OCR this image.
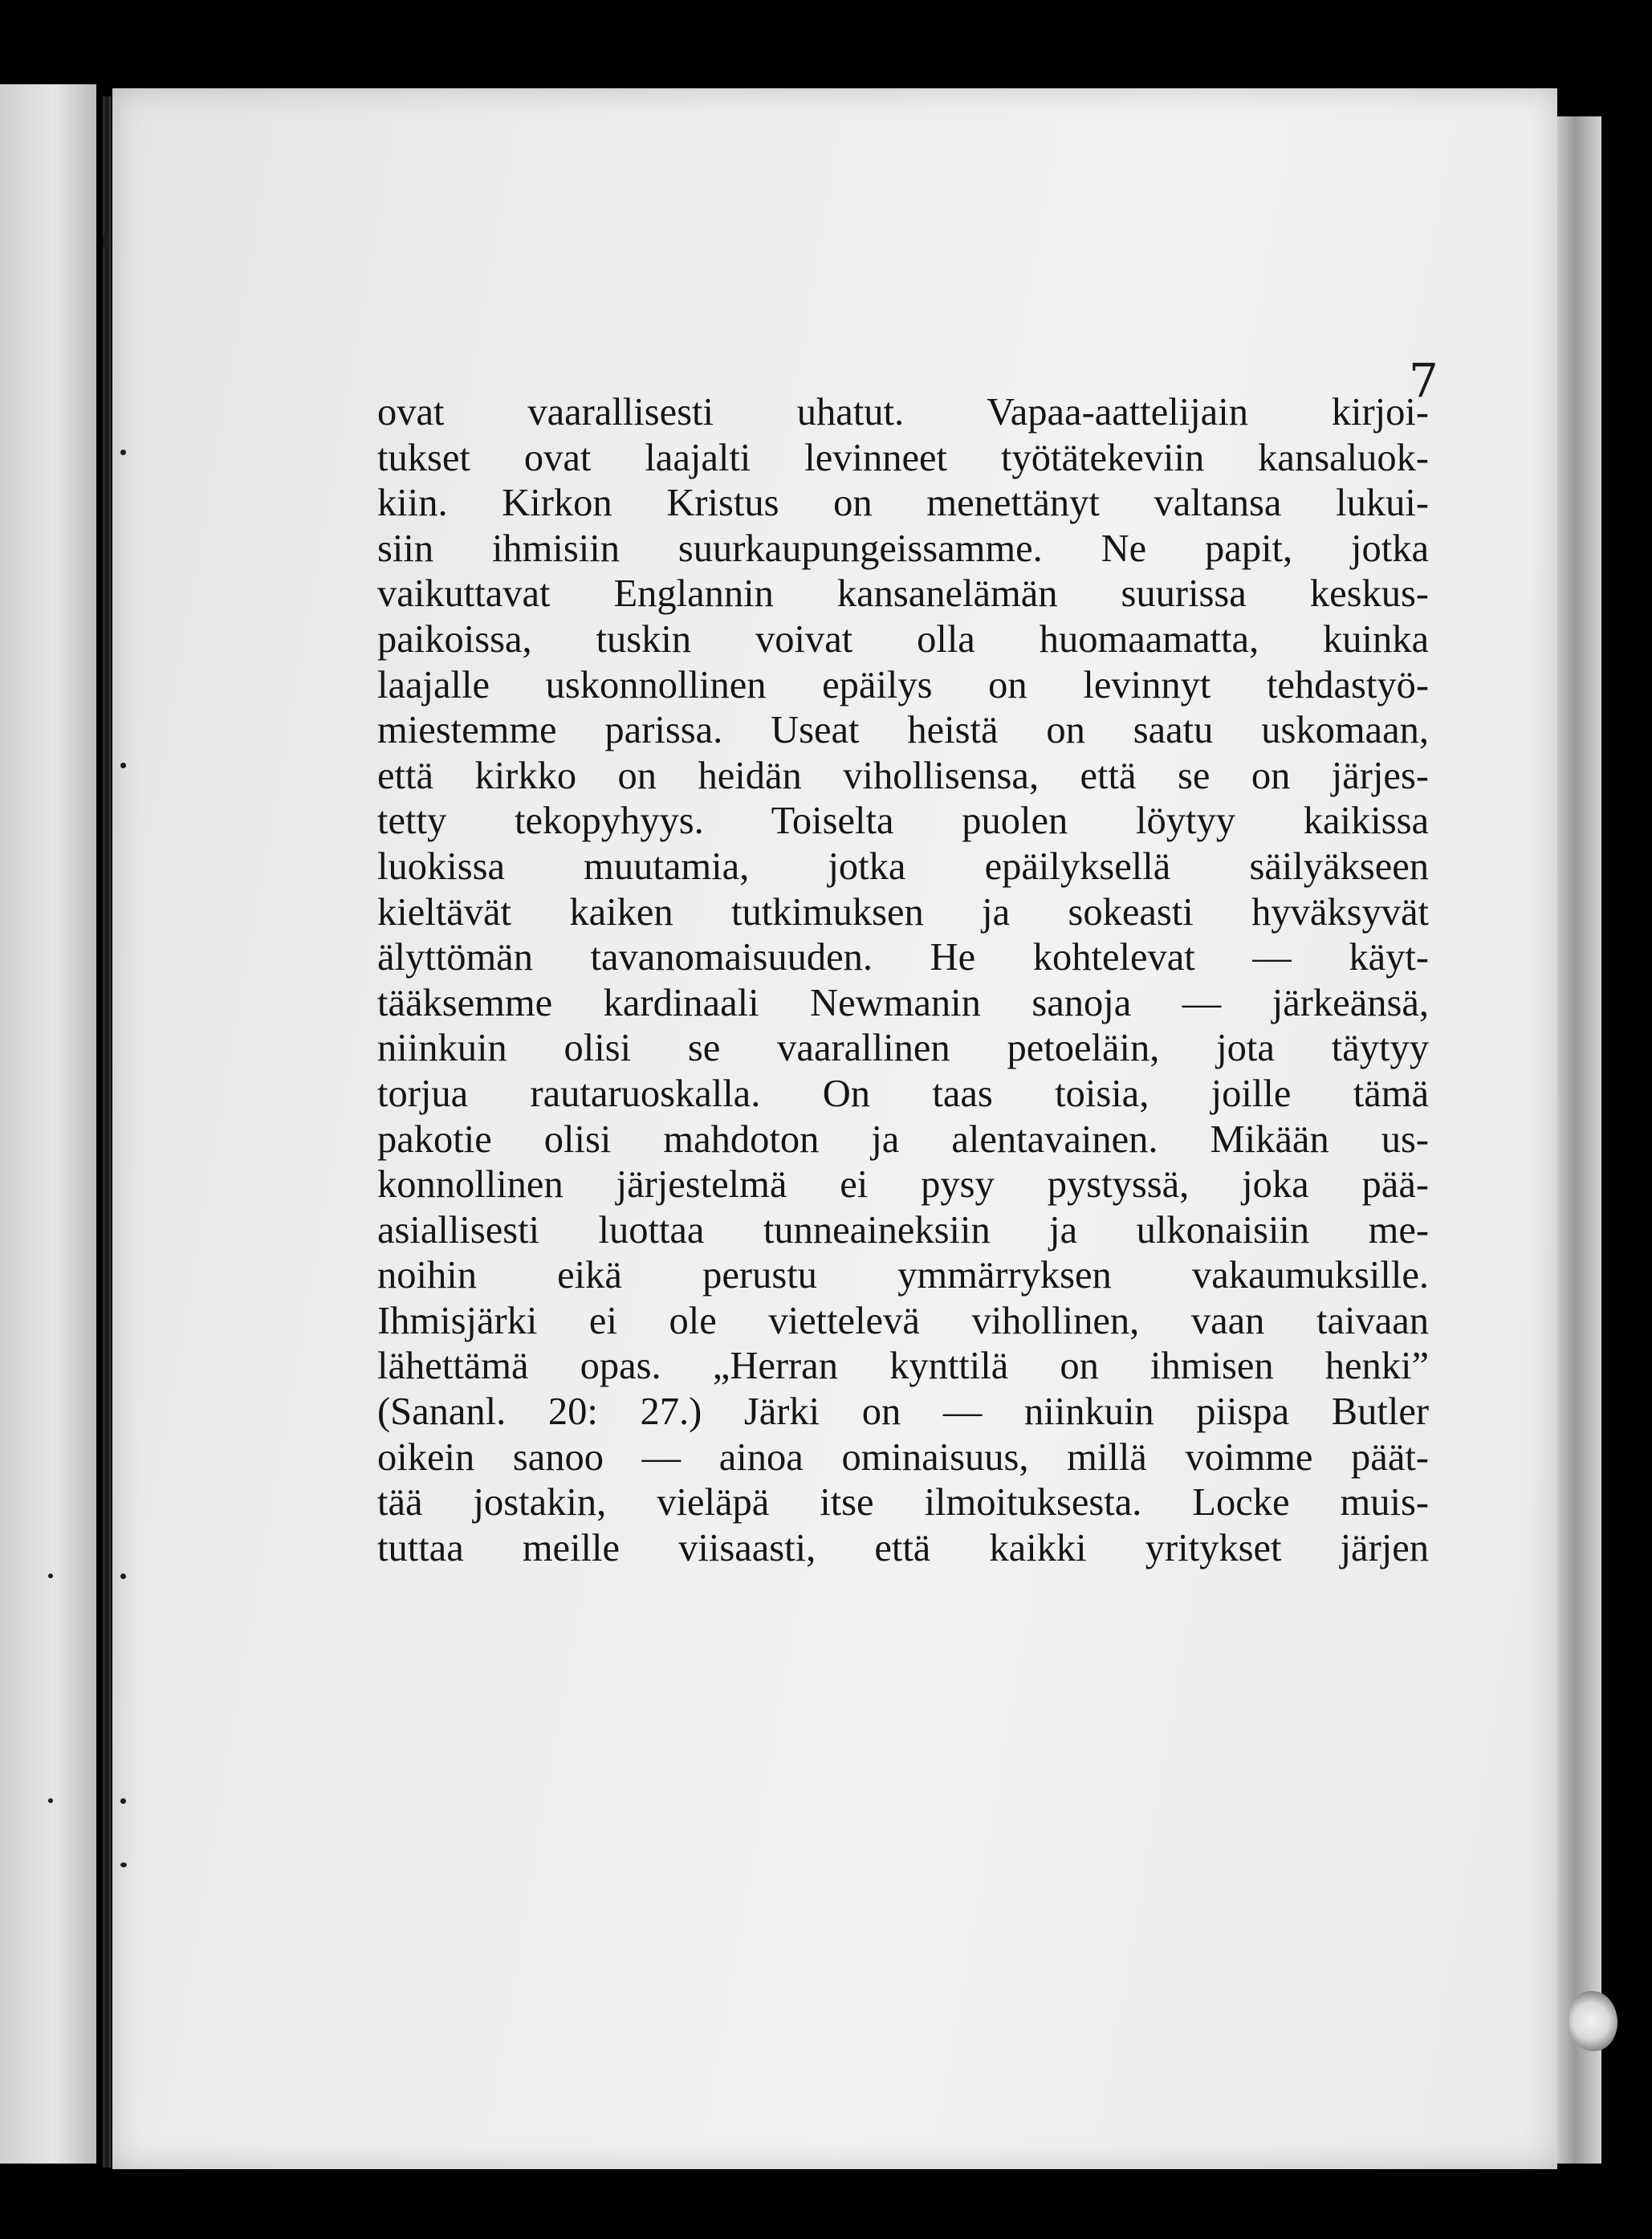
7
ovat vaarallisesti uhatut. Vapaa-aattelijain kirjoi-
tukset ovat laajalti levinneet työtätekeviin kansaluok-
kiin. Kirkon Kristus on menettänyt valtansa lukui-
siin ihmisiin suurkaupungeissamme. Ne papit, jotka
vaikuttavat Englannin kansanelämän suurissa keskus-
paikoissa, tuskin voivat olla huomaamatta, kuinka
laajalle uskonnollinen epäilys on levinnyt tehdastyö-
miestemme parissa. Useat heistä on saatu uskomaan,
että kirkko on heidän vihollisensa, että se on järjes-
tetty tekopyhyys. Toiselta puolen löytyy kaikissa
luokissa muutamia, jotka epäilyksellä säilyäkseen
kieltävät kaiken tutkimuksen ja sokeasti hyväksyvät
älyttömän tavanomaisuuden. He kohtelevat — käyt-
tääksemme kardinaali Newmanin sanoja — järkeänsä,
niinkuin olisi se vaarallinen petoeläin, jota täytyy
torjua rautaruoskalla. On taas toisia, joille tämä
pakotie olisi mahdoton ja alentavainen. Mikään us-
konnollinen järjestelmä ei pysy pystyssä, joka pää-
asiallisesti luottaa tunneaineksiin ja ulkonaisiin me-
noihin eikä perustu ymmärryksen vakaumuksille.
Ihmisjärki ei ole viettelevä vihollinen, vaan taivaan
lähettämä opas. „Herran kynttilä on ihmisen henki”
(Sananl. 20: 27.) Järki on — niinkuin piispa Butler
oikein sanoo — ainoa ominaisuus, millä voimme päät-
tää jostakin, vieläpä itse ilmoituksesta. Locke muis-
tuttaa meille viisaasti, että kaikki yritykset järjen
